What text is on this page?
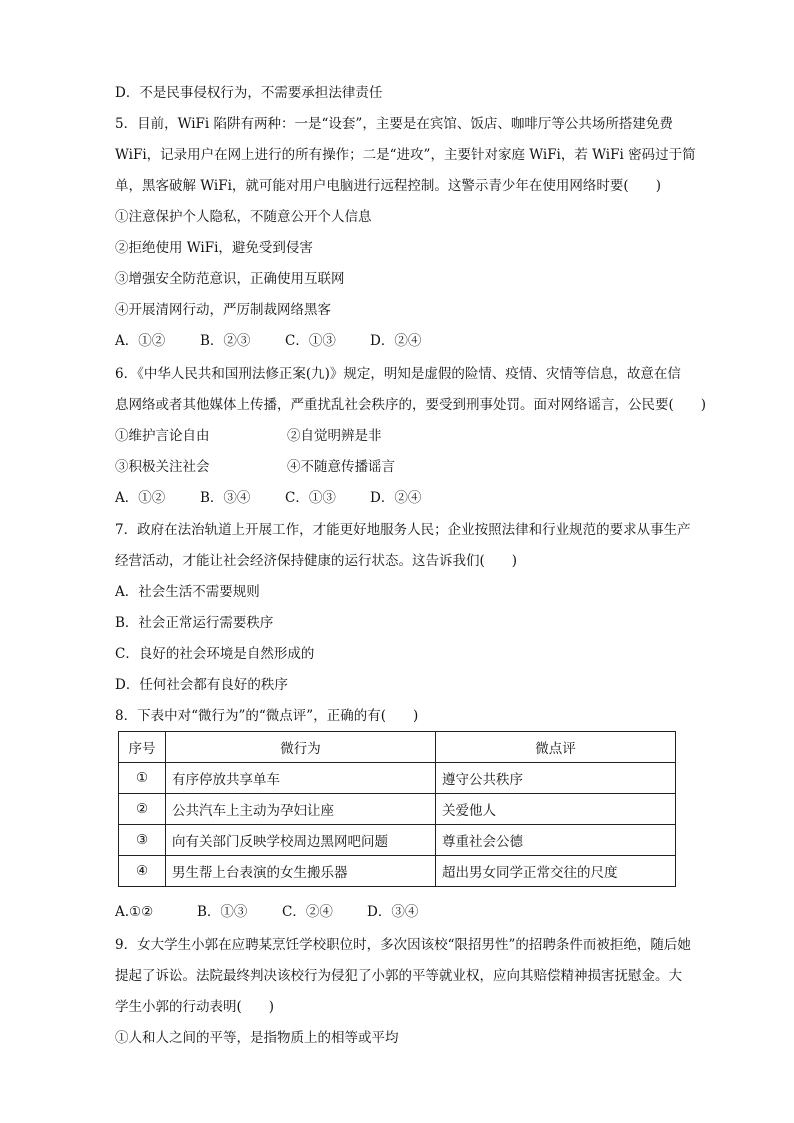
D．不是民事侵权行为，不需要承担法律责任
5．目前，WiFi 陷阱有两种：一是“设套”，主要是在宾馆、饭店、咖啡厅等公共场所搭建免费
WiFi，记录用户在网上进行的所有操作；二是“进攻”，主要针对家庭 WiFi，若 WiFi 密码过于简
单，黑客破解 WiFi，就可能对用户电脑进行远程控制。这警示青少年在使用网络时要(　　)
①注意保护个人隐私，不随意公开个人信息
②拒绝使用 WiFi，避免受到侵害
③增强安全防范意识，正确使用互联网
④开展清网行动，严厉制裁网络黑客
A．①②	B．②③	C．①③	D．②④
6．《中华人民共和国刑法修正案(九)》规定，明知是虚假的险情、疫情、灾情等信息，故意在信
息网络或者其他媒体上传播，严重扰乱社会秩序的，要受到刑事处罚。面对网络谣言，公民要(　　)
①维护言论自由	②自觉明辨是非
③积极关注社会	④不随意传播谣言
A．①②	B．③④	C．①③	D．②④
7．政府在法治轨道上开展工作，才能更好地服务人民；企业按照法律和行业规范的要求从事生产
经营活动，才能让社会经济保持健康的运行状态。这告诉我们(　　)
A．社会生活不需要规则
B．社会正常运行需要秩序
C．良好的社会环境是自然形成的
D．任何社会都有良好的秩序
8．下表中对“微行为”的“微点评”，正确的有(　　)
序号	微行为	微点评
①	有序停放共享单车	遵守公共秩序
②	公共汽车上主动为孕妇让座	关爱他人
③	向有关部门反映学校周边黑网吧问题	尊重社会公德
④	男生帮上台表演的女生搬乐器	超出男女同学正常交往的尺度
A.①②	B．①③	C．②④	D．③④
9．女大学生小郭在应聘某烹饪学校职位时，多次因该校“限招男性”的招聘条件而被拒绝，随后她
提起了诉讼。法院最终判决该校行为侵犯了小郭的平等就业权，应向其赔偿精神损害抚慰金。大
学生小郭的行动表明(　　)
①人和人之间的平等，是指物质上的相等或平均
